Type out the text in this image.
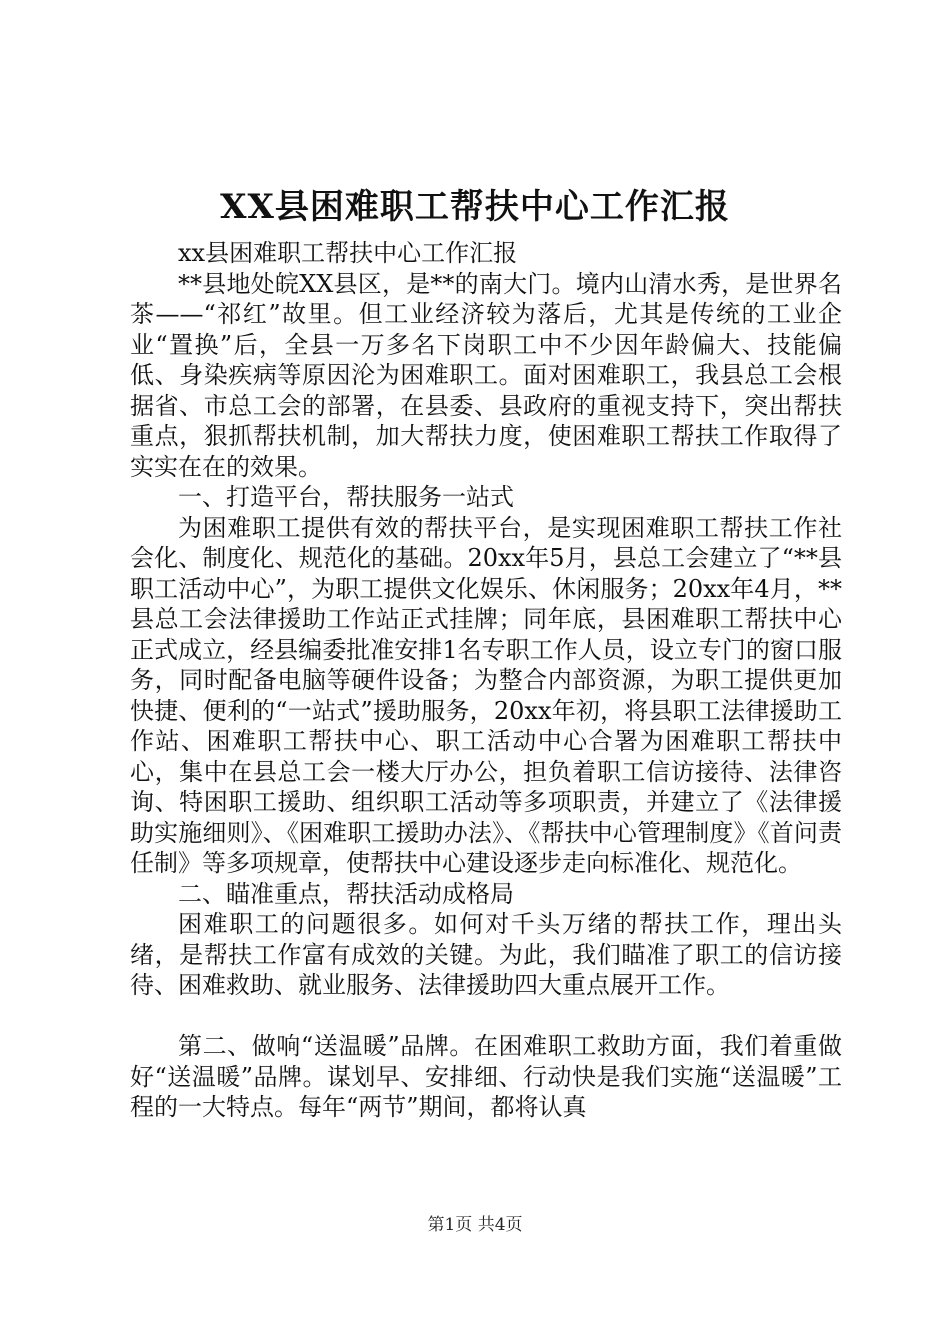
XX县困难职工帮扶中心工作汇报

xx县困难职工帮扶中心工作汇报

**县地处皖XX县区，是**的南大门。境内山清水秀，是世界名茶——“祁红”故里。但工业经济较为落后，尤其是传统的工业企业“置换”后，全县一万多名下岗职工中不少因年龄偏大、技能偏低、身染疾病等原因沦为困难职工。面对困难职工，我县总工会根据省、市总工会的部署，在县委、县政府的重视支持下，突出帮扶重点，狠抓帮扶机制，加大帮扶力度，使困难职工帮扶工作取得了实实在在的效果。

一、打造平台，帮扶服务一站式

为困难职工提供有效的帮扶平台，是实现困难职工帮扶工作社会化、制度化、规范化的基础。20xx年5月，县总工会建立了“**县职工活动中心”，为职工提供文化娱乐、休闲服务；20xx年4月，**县总工会法律援助工作站正式挂牌；同年底，县困难职工帮扶中心正式成立，经县编委批准安排1名专职工作人员，设立专门的窗口服务，同时配备电脑等硬件设备；为整合内部资源，为职工提供更加快捷、便利的“一站式”援助服务，20xx年初，将县职工法律援助工作站、困难职工帮扶中心、职工活动中心合署为困难职工帮扶中心，集中在县总工会一楼大厅办公，担负着职工信访接待、法律咨询、特困职工援助、组织职工活动等多项职责，并建立了《法律援助实施细则》、《困难职工援助办法》、《帮扶中心管理制度》《首问责任制》等多项规章，使帮扶中心建设逐步走向标准化、规范化。

二、瞄准重点，帮扶活动成格局

困难职工的问题很多。如何对千头万绪的帮扶工作，理出头绪，是帮扶工作富有成效的关键。为此，我们瞄准了职工的信访接待、困难救助、就业服务、法律援助四大重点展开工作。

第二、做响“送温暖”品牌。在困难职工救助方面，我们着重做好“送温暖”品牌。谋划早、安排细、行动快是我们实施“送温暖”工程的一大特点。每年“两节”期间，都将认真

第1页 共4页
